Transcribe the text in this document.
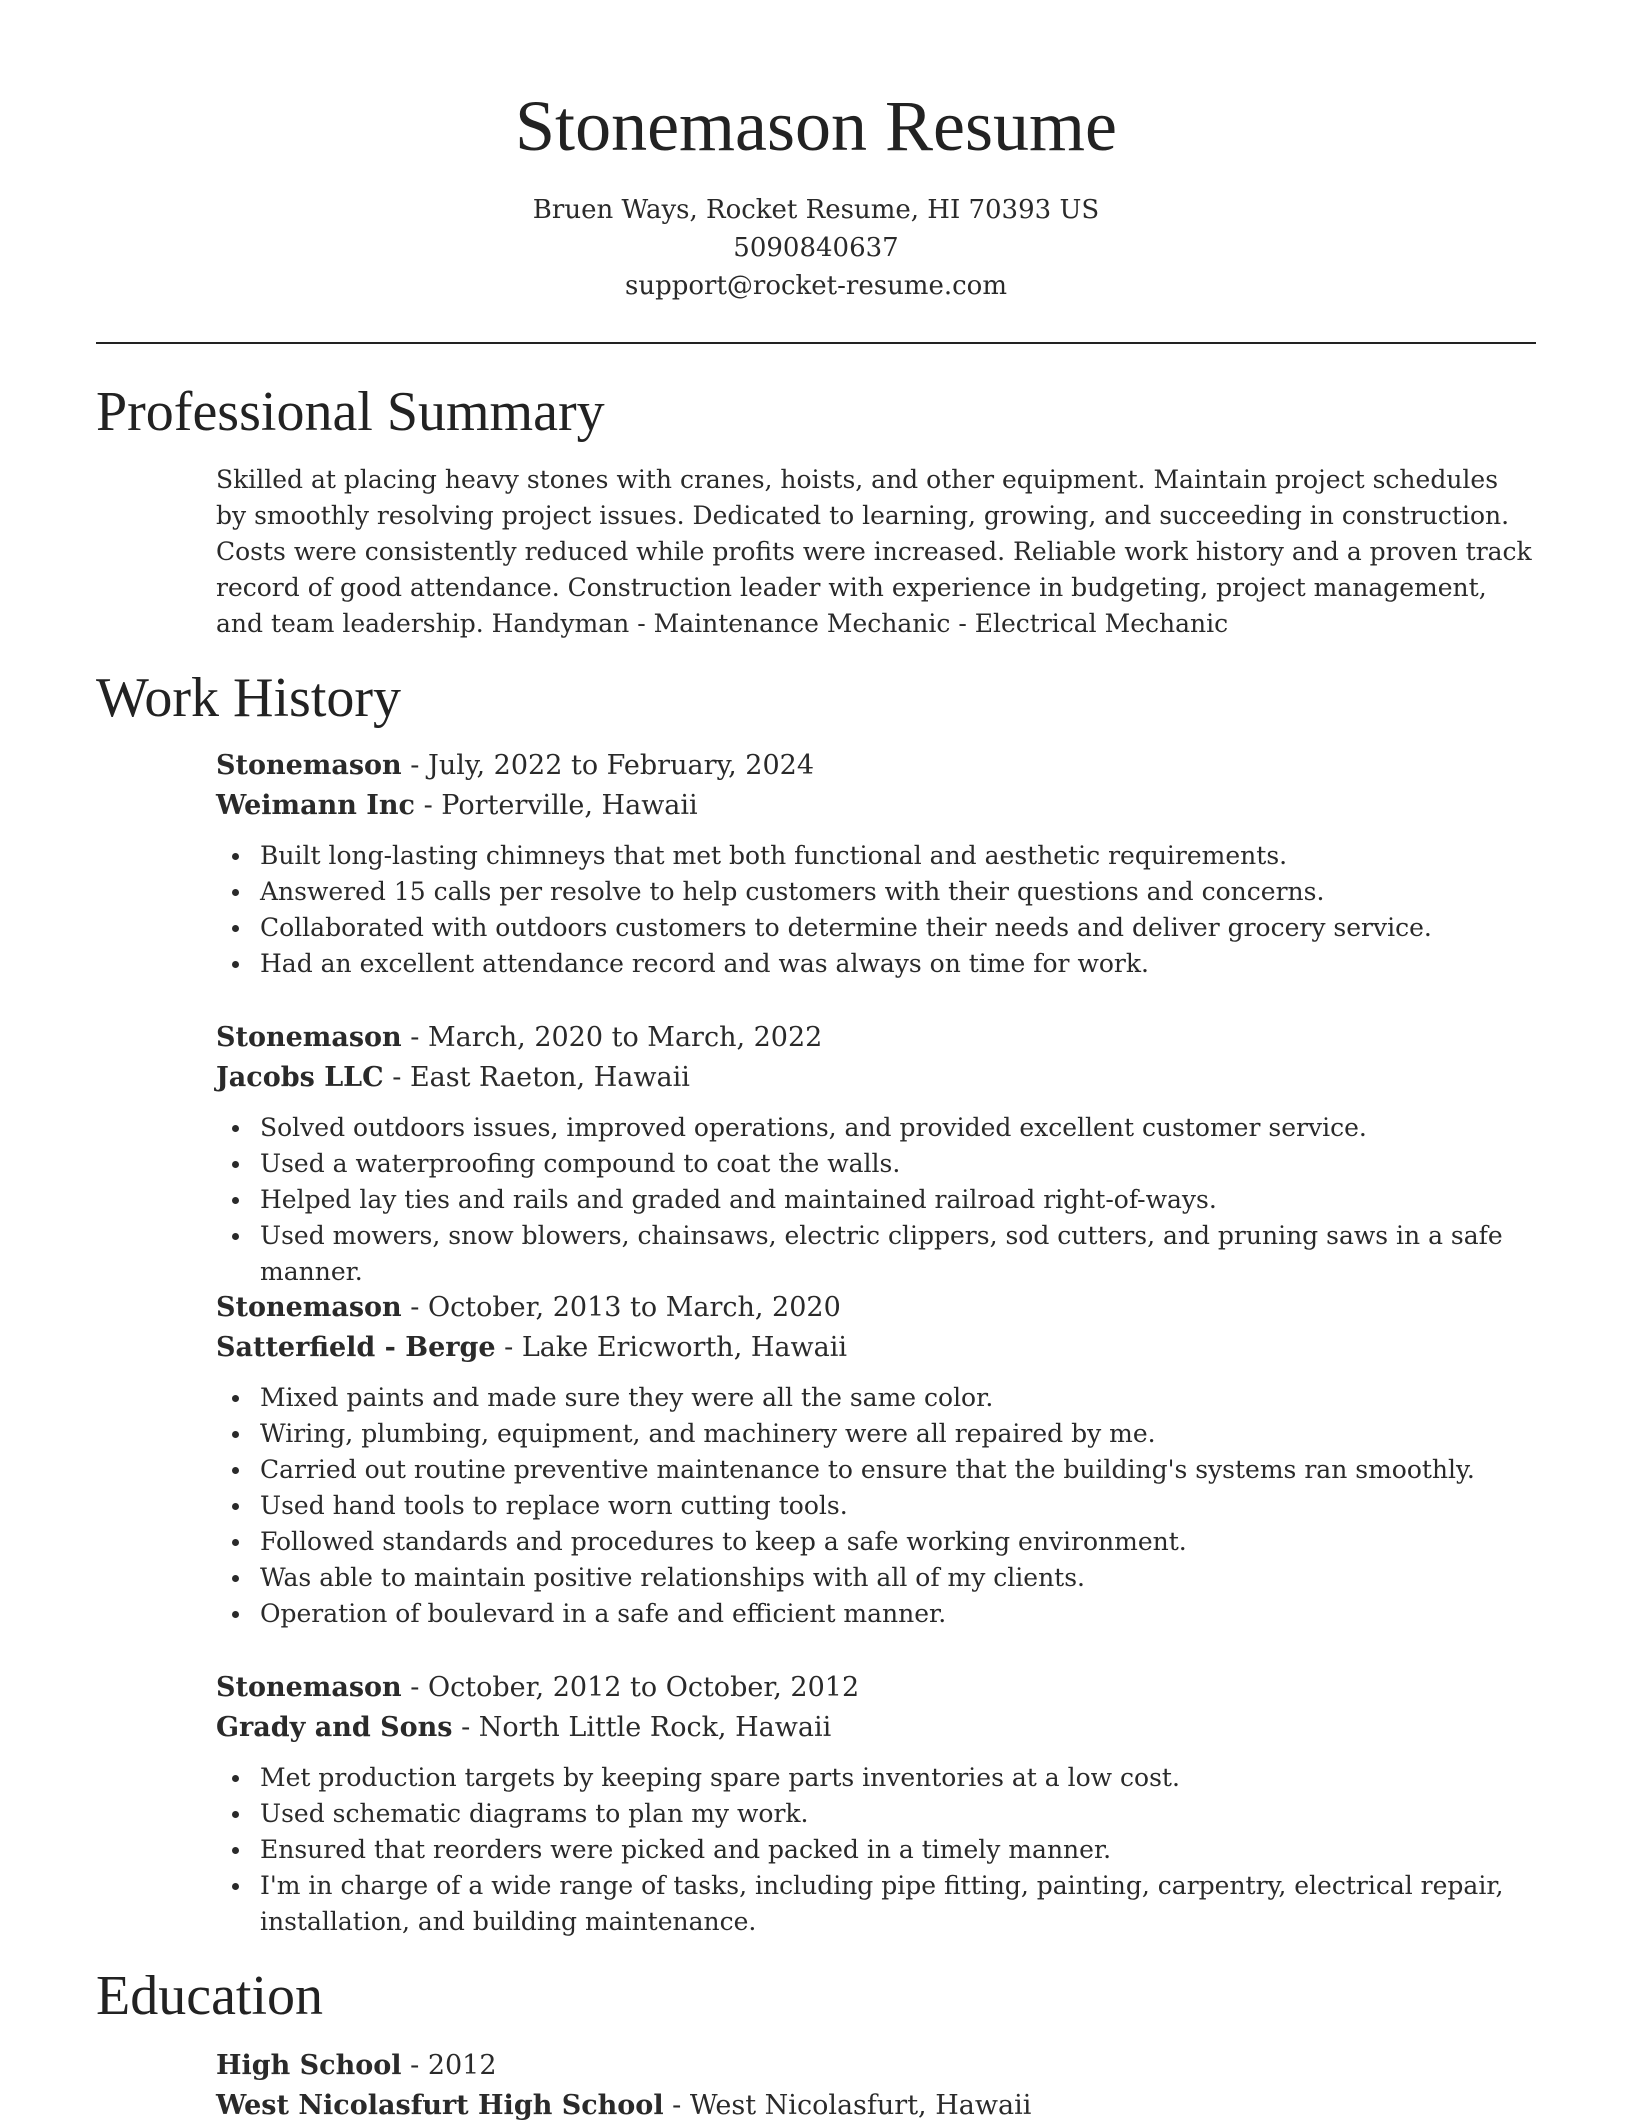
Stonemason Resume
Bruen Ways, Rocket Resume, HI 70393 US
5090840637
support@rocket-resume.com
Professional Summary
Skilled at placing heavy stones with cranes, hoists, and other equipment. Maintain project schedules by smoothly resolving project issues. Dedicated to learning, growing, and succeeding in construction. Costs were consistently reduced while profits were increased. Reliable work history and a proven track record of good attendance. Construction leader with experience in budgeting, project management, and team leadership. Handyman - Maintenance Mechanic - Electrical Mechanic
Work History
Stonemason - July, 2022 to February, 2024
Weimann Inc - Porterville, Hawaii
Built long-lasting chimneys that met both functional and aesthetic requirements.
Answered 15 calls per resolve to help customers with their questions and concerns.
Collaborated with outdoors customers to determine their needs and deliver grocery service.
Had an excellent attendance record and was always on time for work.
Stonemason - March, 2020 to March, 2022
Jacobs LLC - East Raeton, Hawaii
Solved outdoors issues, improved operations, and provided excellent customer service.
Used a waterproofing compound to coat the walls.
Helped lay ties and rails and graded and maintained railroad right-of-ways.
Used mowers, snow blowers, chainsaws, electric clippers, sod cutters, and pruning saws in a safe manner.
Stonemason - October, 2013 to March, 2020
Satterfield - Berge - Lake Ericworth, Hawaii
Mixed paints and made sure they were all the same color.
Wiring, plumbing, equipment, and machinery were all repaired by me.
Carried out routine preventive maintenance to ensure that the building's systems ran smoothly.
Used hand tools to replace worn cutting tools.
Followed standards and procedures to keep a safe working environment.
Was able to maintain positive relationships with all of my clients.
Operation of boulevard in a safe and efficient manner.
Stonemason - October, 2012 to October, 2012
Grady and Sons - North Little Rock, Hawaii
Met production targets by keeping spare parts inventories at a low cost.
Used schematic diagrams to plan my work.
Ensured that reorders were picked and packed in a timely manner.
I'm in charge of a wide range of tasks, including pipe fitting, painting, carpentry, electrical repair, installation, and building maintenance.
Education
High School - 2012
West Nicolasfurt High School - West Nicolasfurt, Hawaii
